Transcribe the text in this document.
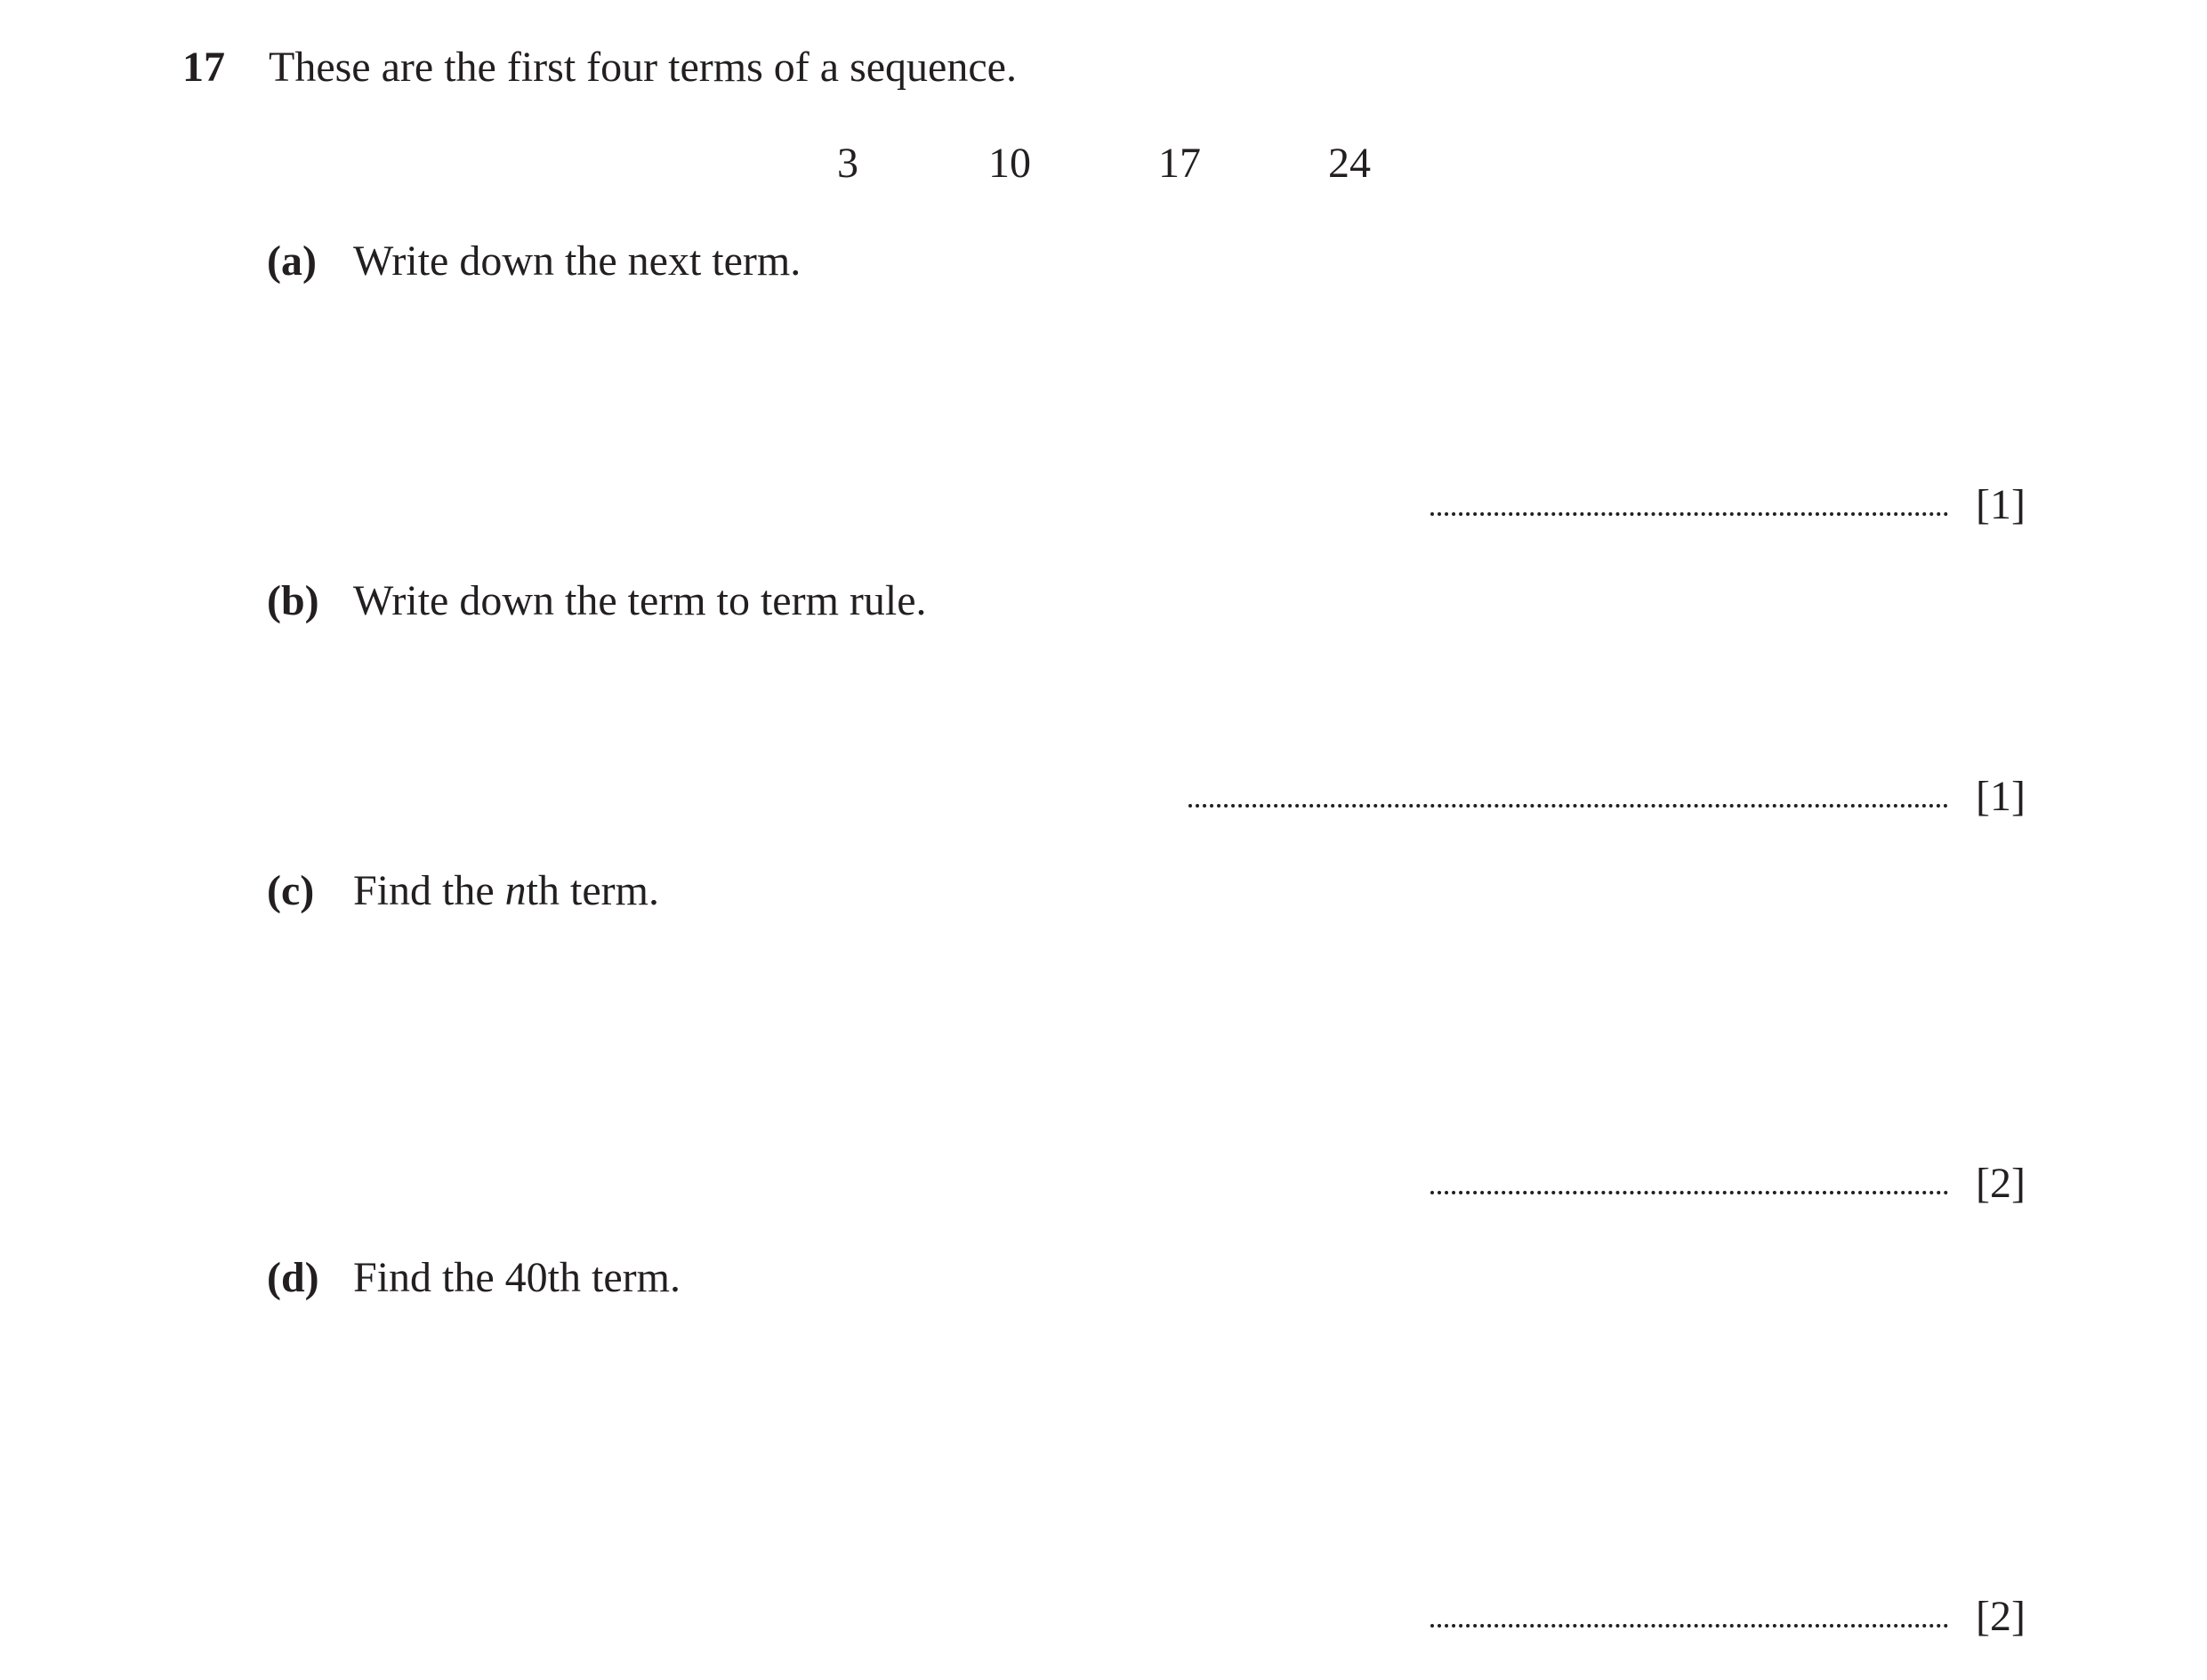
17 These are the first four terms of a sequence.
3	10	17	24
(a) Write down the next term.
[1]
(b) Write down the term to term rule.
[1]
(c) Find the nth term.
[2]
(d) Find the 40th term.
[2]
